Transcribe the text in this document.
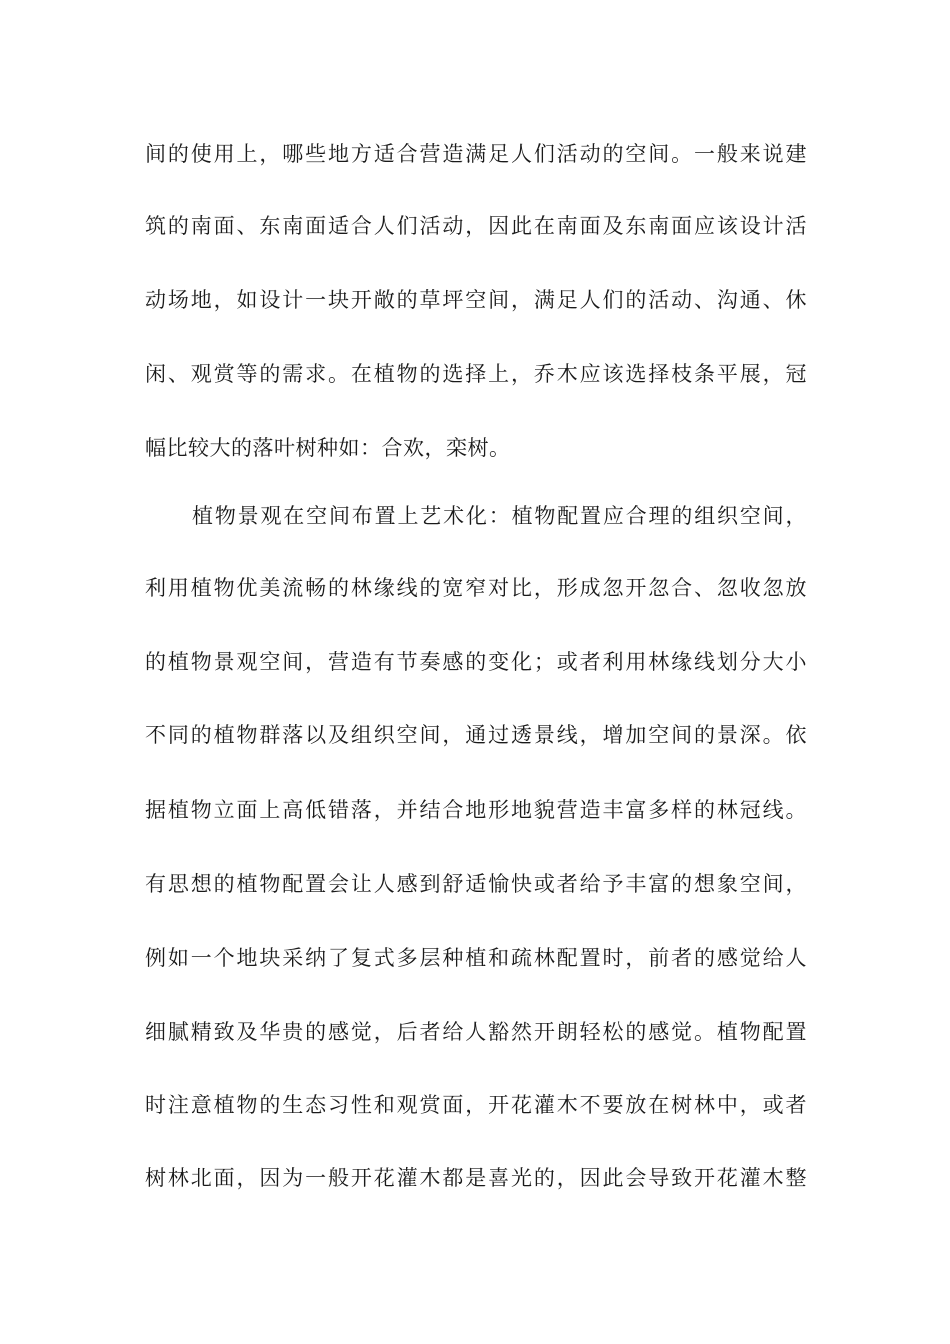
间的使用上，哪些地方适合营造满足人们活动的空间。一般来说建
筑的南面、东南面适合人们活动，因此在南面及东南面应该设计活
动场地，如设计一块开敞的草坪空间，满足人们的活动、沟通、休
闲、观赏等的需求。在植物的选择上，乔木应该选择枝条平展，冠
幅比较大的落叶树种如：合欢，栾树。
植物景观在空间布置上艺术化：植物配置应合理的组织空间，
利用植物优美流畅的林缘线的宽窄对比，形成忽开忽合、忽收忽放
的植物景观空间，营造有节奏感的变化；或者利用林缘线划分大小
不同的植物群落以及组织空间，通过透景线，增加空间的景深。依
据植物立面上高低错落，并结合地形地貌营造丰富多样的林冠线。
有思想的植物配置会让人感到舒适愉快或者给予丰富的想象空间，
例如一个地块采纳了复式多层种植和疏林配置时，前者的感觉给人
细腻精致及华贵的感觉，后者给人豁然开朗轻松的感觉。植物配置
时注意植物的生态习性和观赏面，开花灌木不要放在树林中，或者
树林北面，因为一般开花灌木都是喜光的，因此会导致开花灌木整
